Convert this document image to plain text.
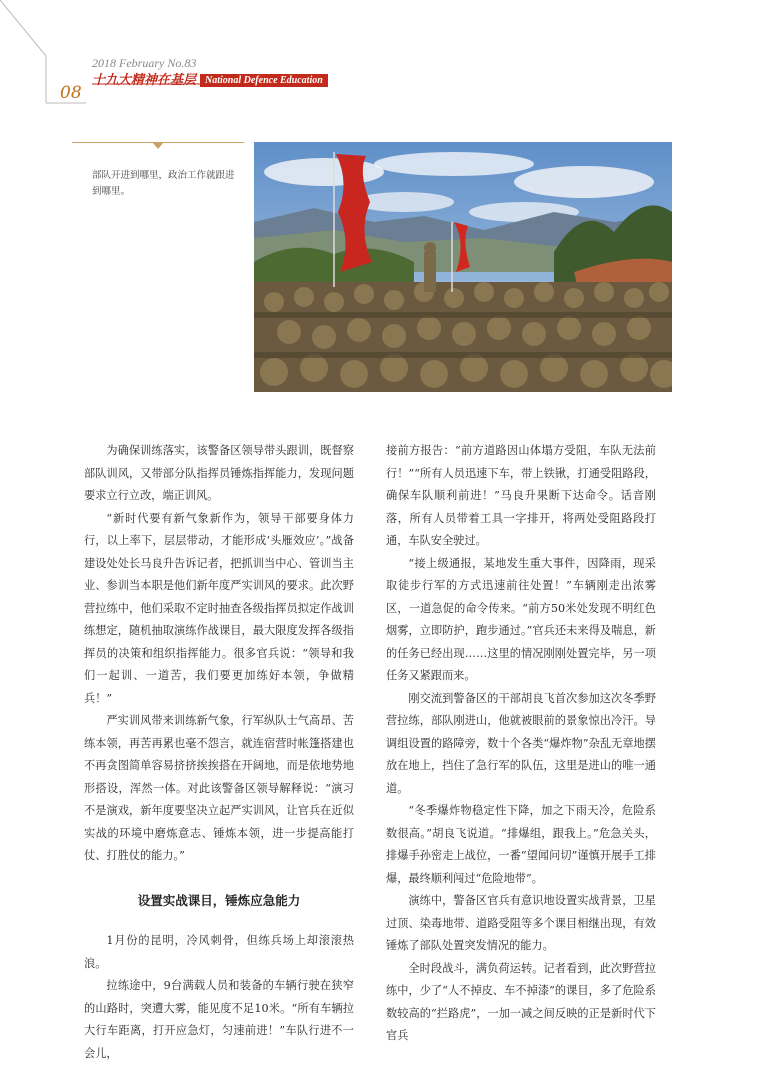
08
2018 February No.83
十九大精神在基层 National Defence Education
部队开进到哪里，政治工作就跟进到哪里。

为确保训练落实，该警备区领导带头跟训，既督察部队训风，又带部分队指挥员锤炼指挥能力，发现问题要求立行立改，端正训风。

“新时代要有新气象新作为，领导干部要身体力行，以上率下，层层带动，才能形成‘头雁效应’。”战备建设处处长马良升告诉记者，把抓训当中心、管训当主业、参训当本职是他们新年度严实训风的要求。此次野营拉练中，他们采取不定时抽查各级指挥员拟定作战训练想定，随机抽取演练作战课目，最大限度发挥各级指挥员的决策和组织指挥能力。很多官兵说：“领导和我们一起训、一道苦，我们要更加练好本领，争做精兵！”

严实训风带来训练新气象，行军纵队士气高昂、苦练本领，再苦再累也毫不怨言，就连宿营时帐篷搭建也不再贪图简单容易挤挤挨挨搭在开阔地，而是依地势地形搭设，浑然一体。对此该警备区领导解释说：“演习不是演戏，新年度要坚决立起严实训风，让官兵在近似实战的环境中磨炼意志、锤炼本领，进一步提高能打仗、打胜仗的能力。”

设置实战课目，锤炼应急能力

1月份的昆明，冷风刺骨，但练兵场上却滚滚热浪。

拉练途中，9台满载人员和装备的车辆行驶在狭窄的山路时，突遭大雾，能见度不足10米。“所有车辆拉大行车距离，打开应急灯，匀速前进！”车队行进不一会儿，

接前方报告：“前方道路因山体塌方受阻，车队无法前行！”“所有人员迅速下车，带上铁锹，打通受阻路段，确保车队顺利前进！”马良升果断下达命令。话音刚落，所有人员带着工具一字排开，将两处受阻路段打通，车队安全驶过。

“接上级通报，某地发生重大事件，因降雨，现采取徒步行军的方式迅速前往处置！”车辆刚走出浓雾区，一道急促的命令传来。“前方50米处发现不明红色烟雾，立即防护，跑步通过。”官兵还未来得及喘息，新的任务已经出现……这里的情况刚刚处置完毕，另一项任务又紧跟而来。

刚交流到警备区的干部胡良飞首次参加这次冬季野营拉练，部队刚进山，他就被眼前的景象惊出冷汗。导调组设置的路障旁，数十个各类“爆炸物”杂乱无章地摆放在地上，挡住了急行军的队伍，这里是进山的唯一通道。

“冬季爆炸物稳定性下降，加之下雨天冷，危险系数很高。”胡良飞说道。“排爆组，跟我上。”危急关头，排爆手孙密走上战位，一番“望闻问切”谨慎开展手工排爆，最终顺利闯过“危险地带”。

演练中，警备区官兵有意识地设置实战背景，卫星过顶、染毒地带、道路受阻等多个课目相继出现，有效锤炼了部队处置突发情况的能力。

全时段战斗，满负荷运转。记者看到，此次野营拉练中，少了“人不掉皮、车不掉漆”的课目，多了危险系数较高的“拦路虎”，一加一减之间反映的正是新时代下官兵
